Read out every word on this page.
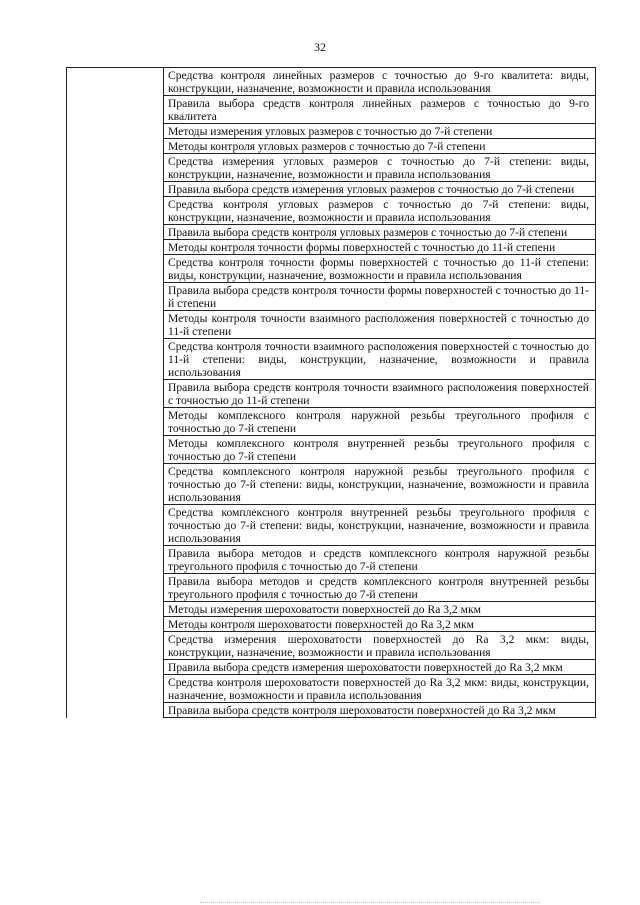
32
Средства контроля линейных размеров с точностью до 9-го квалитета: виды, конструкции, назначение, возможности и правила использования
Правила выбора средств контроля линейных размеров с точностью до 9-го квалитета
Методы измерения угловых размеров с точностью до 7-й степени
Методы контроля угловых размеров с точностью до 7-й степени
Средства измерения угловых размеров с точностью до 7-й степени: виды, конструкции, назначение, возможности и правила использования
Правила выбора средств измерения угловых размеров с точностью до 7-й степени
Средства контроля угловых размеров с точностью до 7-й степени: виды, конструкции, назначение, возможности и правила использования
Правила выбора средств контроля угловых размеров с точностью до 7-й степени
Методы контроля точности формы поверхностей с точностью до 11-й степени
Средства контроля точности формы поверхностей с точностью до 11-й степени: виды, конструкции, назначение, возможности и правила использования
Правила выбора средств контроля точности формы поверхностей с точностью до 11-й степени
Методы контроля точности взаимного расположения поверхностей с точностью до 11-й степени
Средства контроля точности взаимного расположения поверхностей с точностью до 11-й степени: виды, конструкции, назначение, возможности и правила использования
Правила выбора средств контроля точности взаимного расположения поверхностей с точностью до 11-й степени
Методы комплексного контроля наружной резьбы треугольного профиля с точностью до 7-й степени
Методы комплексного контроля внутренней резьбы треугольного профиля с точностью до 7-й степени
Средства комплексного контроля наружной резьбы треугольного профиля с точностью до 7-й степени: виды, конструкции, назначение, возможности и правила использования
Средства комплексного контроля внутренней резьбы треугольного профиля с точностью до 7-й степени: виды, конструкции, назначение, возможности и правила использования
Правила выбора методов и средств комплексного контроля наружной резьбы треугольного профиля с точностью до 7-й степени
Правила выбора методов и средств комплексного контроля внутренней резьбы треугольного профиля с точностью до 7-й степени
Методы измерения шероховатости поверхностей до Ra 3,2 мкм
Методы контроля шероховатости поверхностей до Ra 3,2 мкм
Средства измерения шероховатости поверхностей до Ra 3,2 мкм: виды, конструкции, назначение, возможности и правила использования
Правила выбора средств измерения шероховатости поверхностей до Ra 3,2 мкм
Средства контроля шероховатости поверхностей до Ra 3,2 мкм: виды, конструкции, назначение, возможности и правила использования
Правила выбора средств контроля шероховатости поверхностей до Ra 3,2 мкм
